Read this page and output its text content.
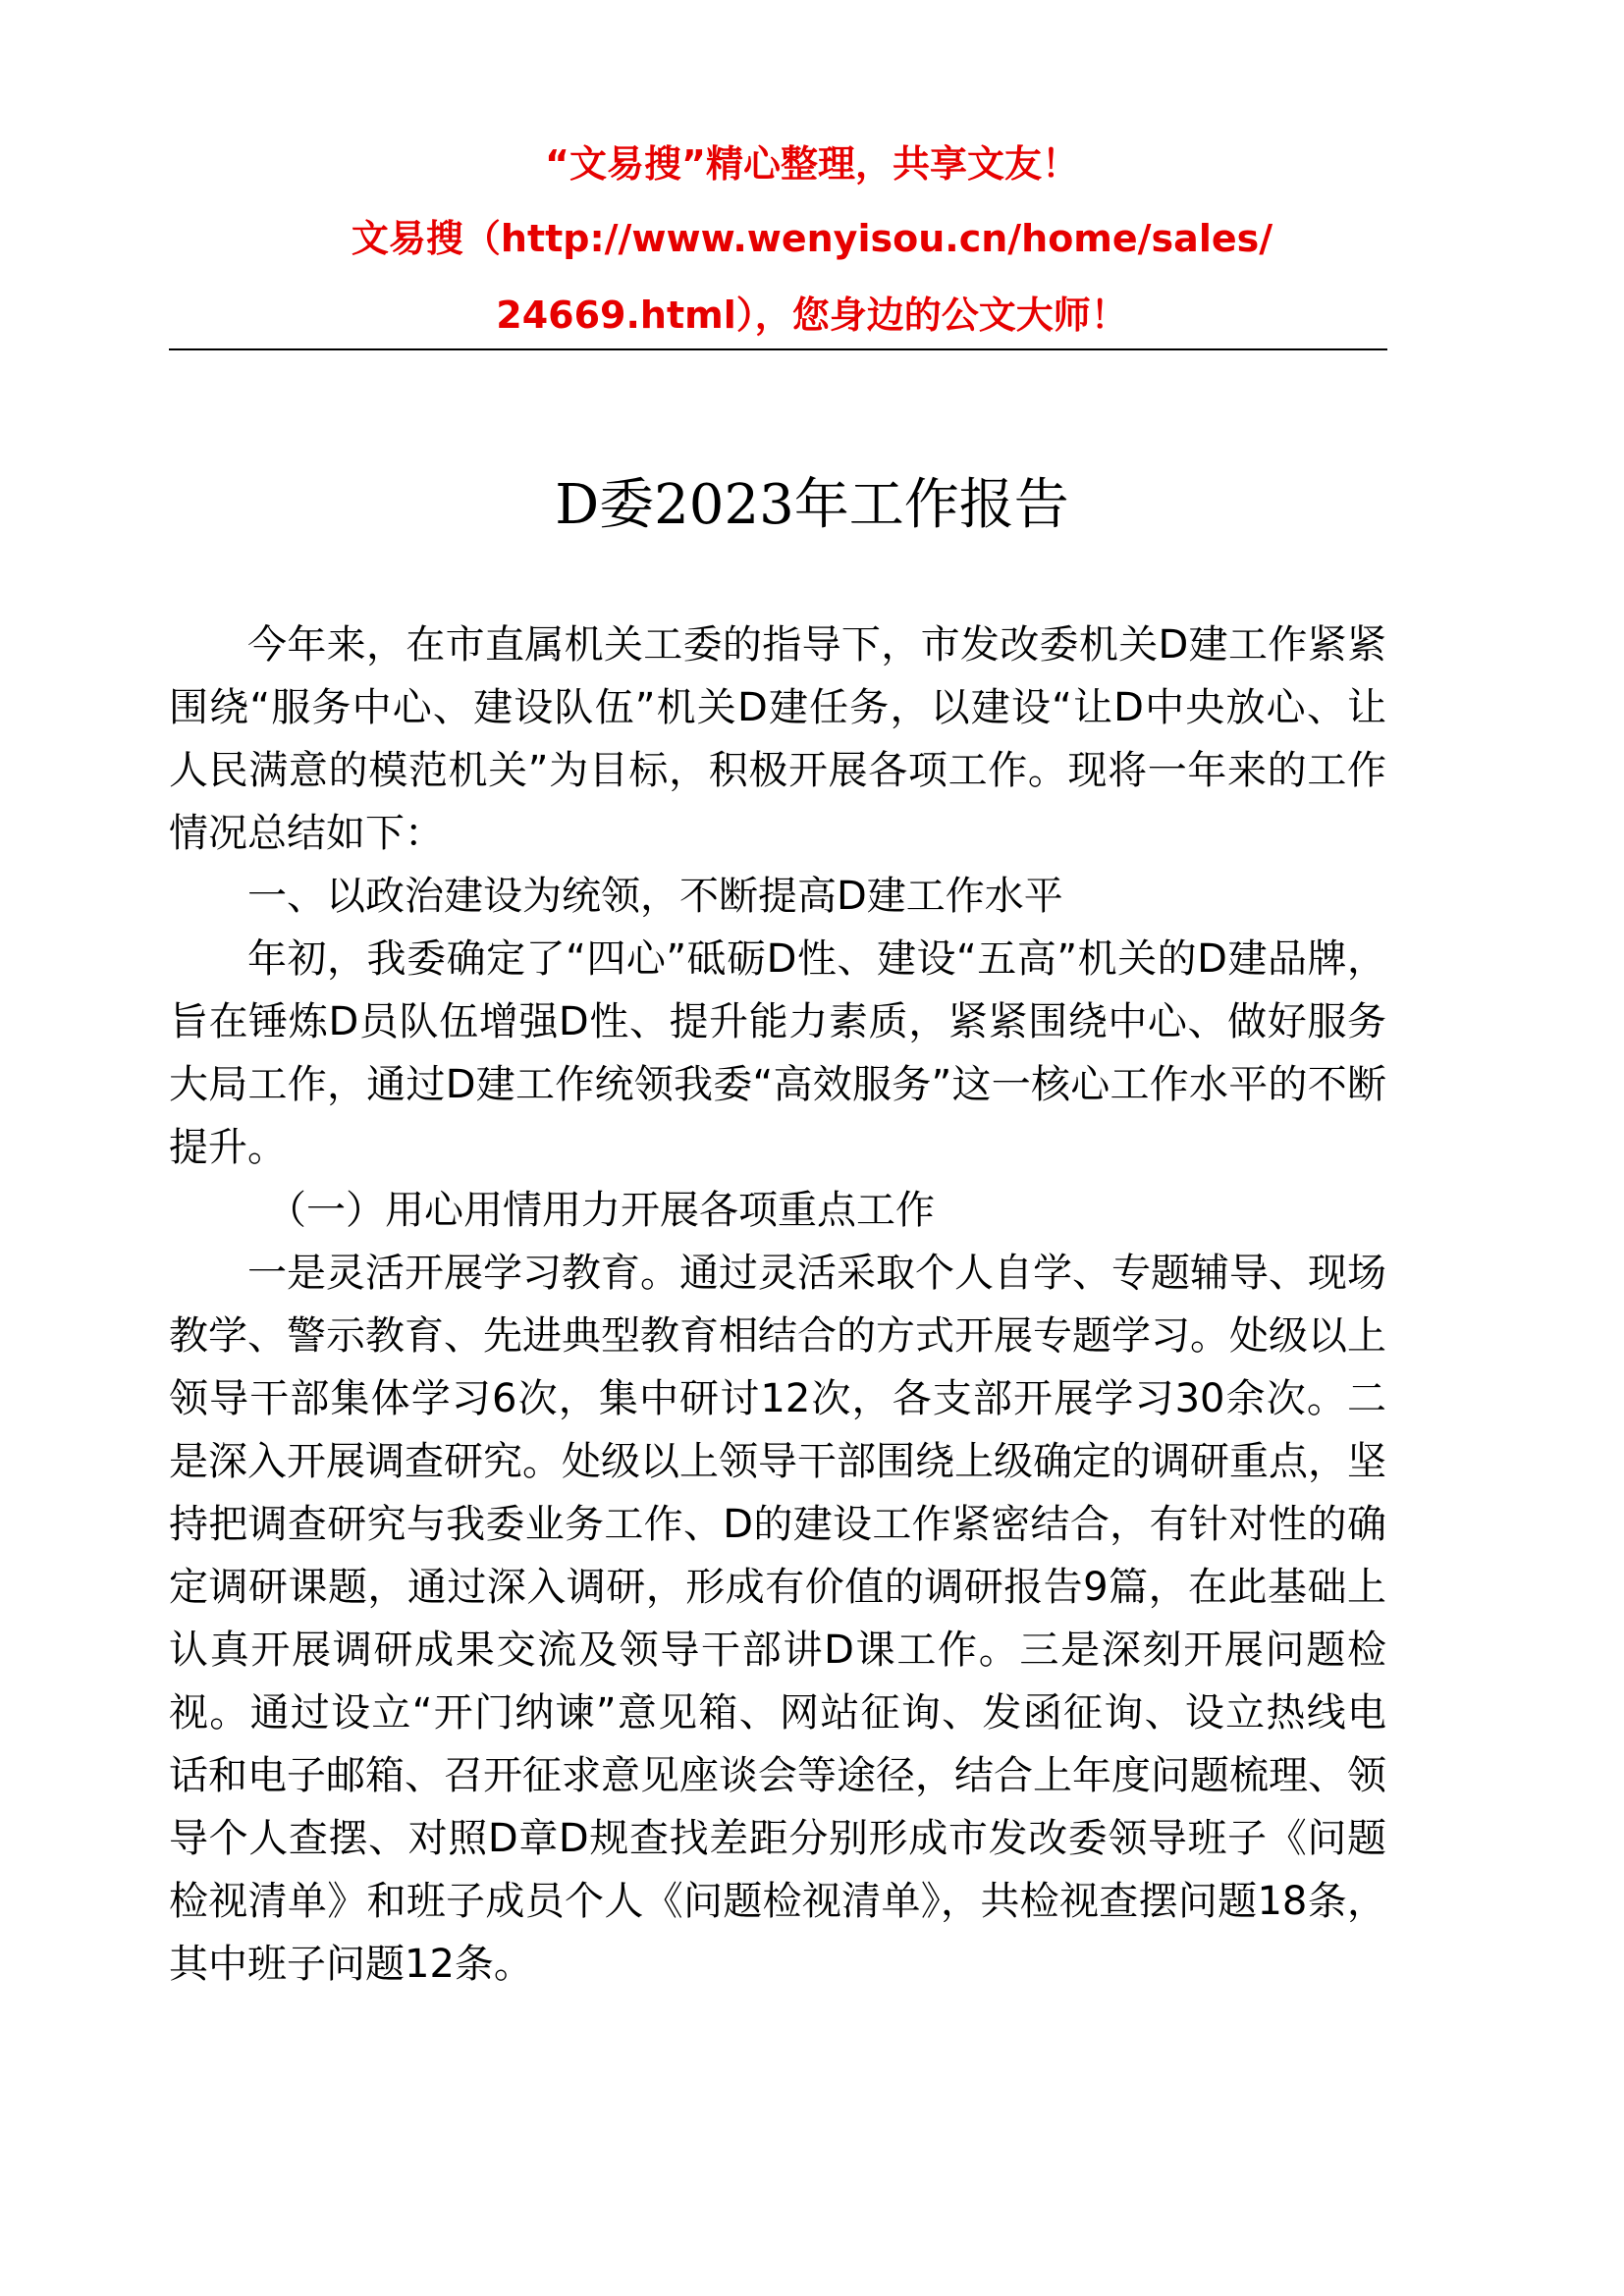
“文易搜”精心整理，共享文友！
文易搜（http://www.wenyisou.cn/home/sales/
24669.html），您身边的公文大师！
D委2023年工作报告

今年来，在市直属机关工委的指导下，市发改委机关D建工作紧紧围绕“服务中心、建设队伍”机关D建任务，以建设“让D中央放心、让人民满意的模范机关”为目标，积极开展各项工作。现将一年来的工作情况总结如下：

一、以政治建设为统领，不断提高D建工作水平

年初，我委确定了“四心”砥砺D性、建设“五高”机关的D建品牌，旨在锤炼D员队伍增强D性、提升能力素质，紧紧围绕中心、做好服务大局工作，通过D建工作统领我委“高效服务”这一核心工作水平的不断提升。

（一）用心用情用力开展各项重点工作

一是灵活开展学习教育。通过灵活采取个人自学、专题辅导、现场教学、警示教育、先进典型教育相结合的方式开展专题学习。处级以上领导干部集体学习6次，集中研讨12次，各支部开展学习30余次。二是深入开展调查研究。处级以上领导干部围绕上级确定的调研重点，坚持把调查研究与我委业务工作、D的建设工作紧密结合，有针对性的确定调研课题，通过深入调研，形成有价值的调研报告9篇，在此基础上认真开展调研成果交流及领导干部讲D课工作。三是深刻开展问题检视。通过设立“开门纳谏”意见箱、网站征询、发函征询、设立热线电话和电子邮箱、召开征求意见座谈会等途径，结合上年度问题梳理、领导个人查摆、对照D章D规查找差距分别形成市发改委领导班子《问题检视清单》和班子成员个人《问题检视清单》，共检视查摆问题18条，其中班子问题12条。
